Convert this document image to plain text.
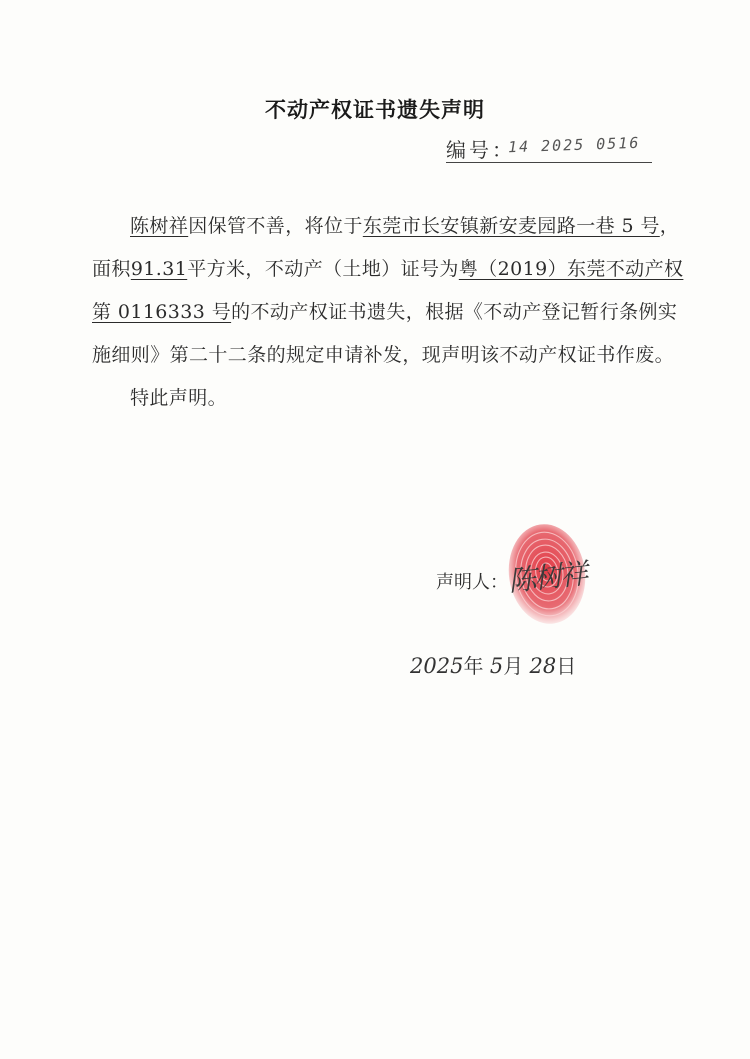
不动产权证书遗失声明
编号：
14 2025 0516

陈树祥因保管不善，将位于东莞市长安镇新安麦园路一巷 5 号，面积91.31平方米，不动产（土地）证号为粤（2019）东莞不动产权第 0116333 号的不动产权证书遗失，根据《不动产登记暂行条例实施细则》第二十二条的规定申请补发，现声明该不动产权证书作废。

特此声明。

声明人：
陈树祥
2025年 5月 28日
